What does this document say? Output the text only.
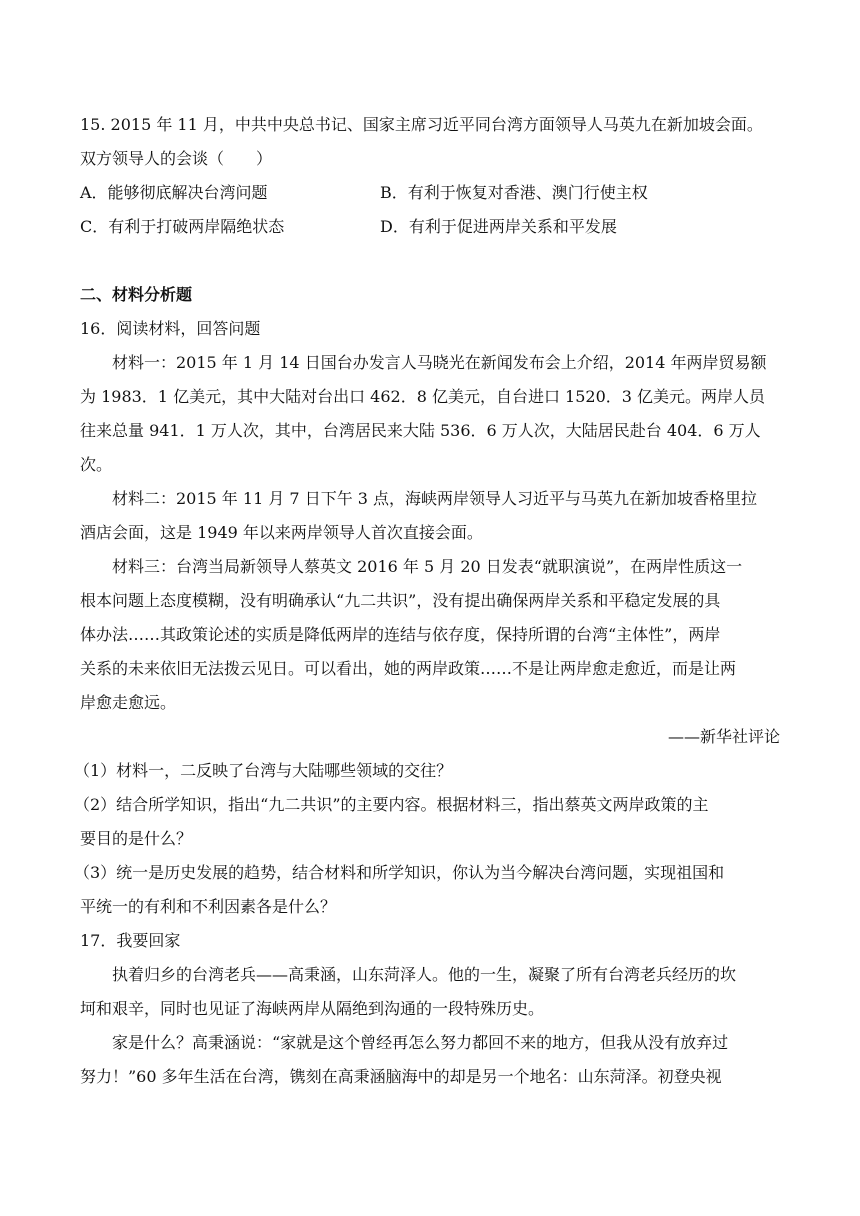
15. 2015 年 11 月，中共中央总书记、国家主席习近平同台湾方面领导人马英九在新加坡会面。
双方领导人的会谈（　　）
A．能够彻底解决台湾问题	B．有利于恢复对香港、澳门行使主权
C．有利于打破两岸隔绝状态	D．有利于促进两岸关系和平发展
二、材料分析题
16．阅读材料，回答问题
材料一：2015 年 1 月 14 日国台办发言人马晓光在新闻发布会上介绍，2014 年两岸贸易额
为 1983．1 亿美元，其中大陆对台出口 462．8 亿美元，自台进口 1520．3 亿美元。两岸人员
往来总量 941．1 万人次，其中，台湾居民来大陆 536．6 万人次，大陆居民赴台 404．6 万人
次。
材料二：2015 年 11 月 7 日下午 3 点，海峡两岸领导人习近平与马英九在新加坡香格里拉
酒店会面，这是 1949 年以来两岸领导人首次直接会面。
材料三：台湾当局新领导人蔡英文 2016 年 5 月 20 日发表“就职演说”，在两岸性质这一
根本问题上态度模糊，没有明确承认“九二共识”，没有提出确保两岸关系和平稳定发展的具
体办法……其政策论述的实质是降低两岸的连结与依存度，保持所谓的台湾“主体性”，两岸
关系的未来依旧无法拨云见日。可以看出，她的两岸政策……不是让两岸愈走愈近，而是让两
岸愈走愈远。
——新华社评论
（1）材料一，二反映了台湾与大陆哪些领域的交往？
（2）结合所学知识，指出“九二共识”的主要内容。根据材料三，指出蔡英文两岸政策的主
要目的是什么？
（3）统一是历史发展的趋势，结合材料和所学知识，你认为当今解决台湾问题，实现祖国和
平统一的有利和不利因素各是什么？
17．我要回家
执着归乡的台湾老兵——高秉涵，山东菏泽人。他的一生，凝聚了所有台湾老兵经历的坎
坷和艰辛，同时也见证了海峡两岸从隔绝到沟通的一段特殊历史。
家是什么？高秉涵说：“家就是这个曾经再怎么努力都回不来的地方，但我从没有放弃过
努力！”60 多年生活在台湾，镌刻在高秉涵脑海中的却是另一个地名：山东菏泽。初登央视
